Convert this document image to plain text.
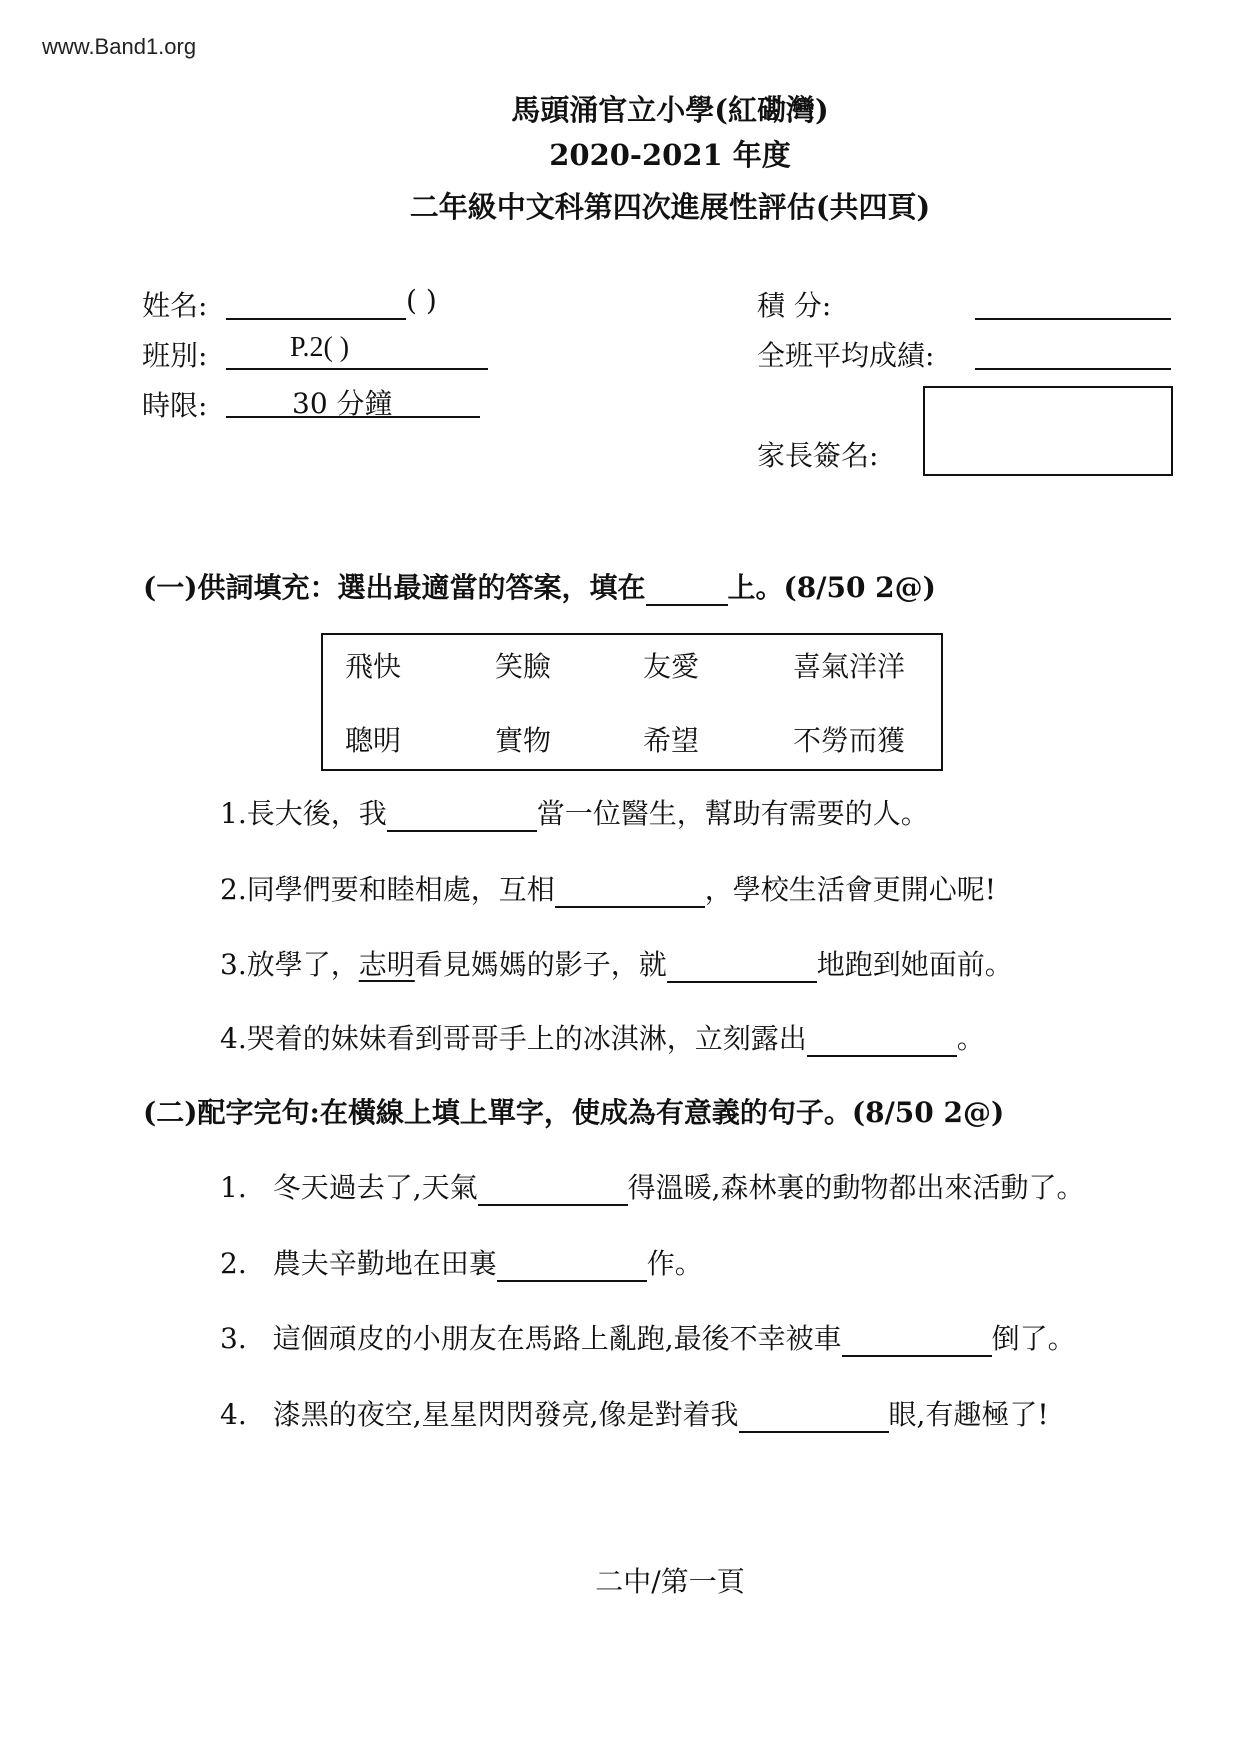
www.Band1.org
馬頭涌官立小學(紅磡灣)
2020-2021 年度
二年級中文科第四次進展性評估(共四頁)
姓名:	( )
班別:	P.2( )
時限:	30 分鐘
積 分:
全班平均成績:
家長簽名:
(一)供詞填充：選出最適當的答案，填在	上。(8/50 2@)
飛快	笑臉	友愛	喜氣洋洋
聰明	實物	希望	不勞而獲
1.長大後，我	當一位醫生，幫助有需要的人。
2.同學們要和睦相處，互相	，學校生活會更開心呢!
3.放學了，志明看見媽媽的影子，就	地跑到她面前。
4.哭着的妹妹看到哥哥手上的冰淇淋，立刻露出	。
(二)配字完句:在橫線上填上單字，使成為有意義的句子。(8/50 2@)
1. 冬天過去了,天氣	得溫暖,森林裏的動物都出來活動了。
2. 農夫辛勤地在田裏	作。
3. 這個頑皮的小朋友在馬路上亂跑,最後不幸被車	倒了。
4. 漆黑的夜空,星星閃閃發亮,像是對着我	眼,有趣極了!
二中/第一頁
